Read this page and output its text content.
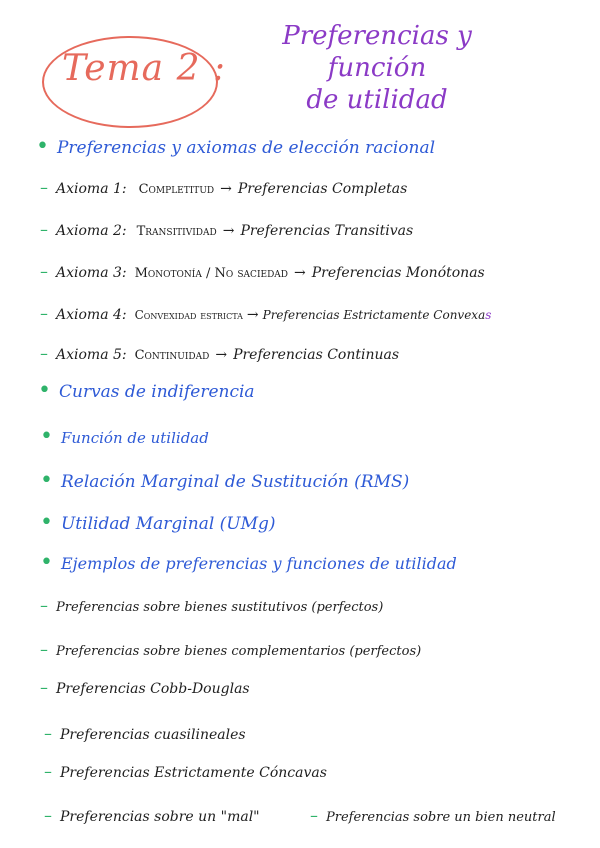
Tema 2 :
Preferencias y función
de utilidad
• Preferencias y axiomas de elección racional
– Axioma 1: Completitud → Preferencias Completas
– Axioma 2: Transitividad → Preferencias Transitivas
– Axioma 3: Monotonía / No saciedad → Preferencias Monótonas
– Axioma 4: Convexidad estricta → Preferencias Estrictamente Convexa s
– Axioma 5: Continuidad → Preferencias Continuas
• Curvas de indiferencia
• Función de utilidad
• Relación Marginal de Sustitución (RMS)
• Utilidad Marginal (UMg)
• Ejemplos de preferencias y funciones de utilidad
– Preferencias sobre bienes sustitutivos (perfectos)
– Preferencias sobre bienes complementarios (perfectos)
– Preferencias Cobb-Douglas
– Preferencias cuasilineales
– Preferencias Estrictamente Cóncavas
– Preferencias sobre un "mal"	– Preferencias sobre un bien neutral
